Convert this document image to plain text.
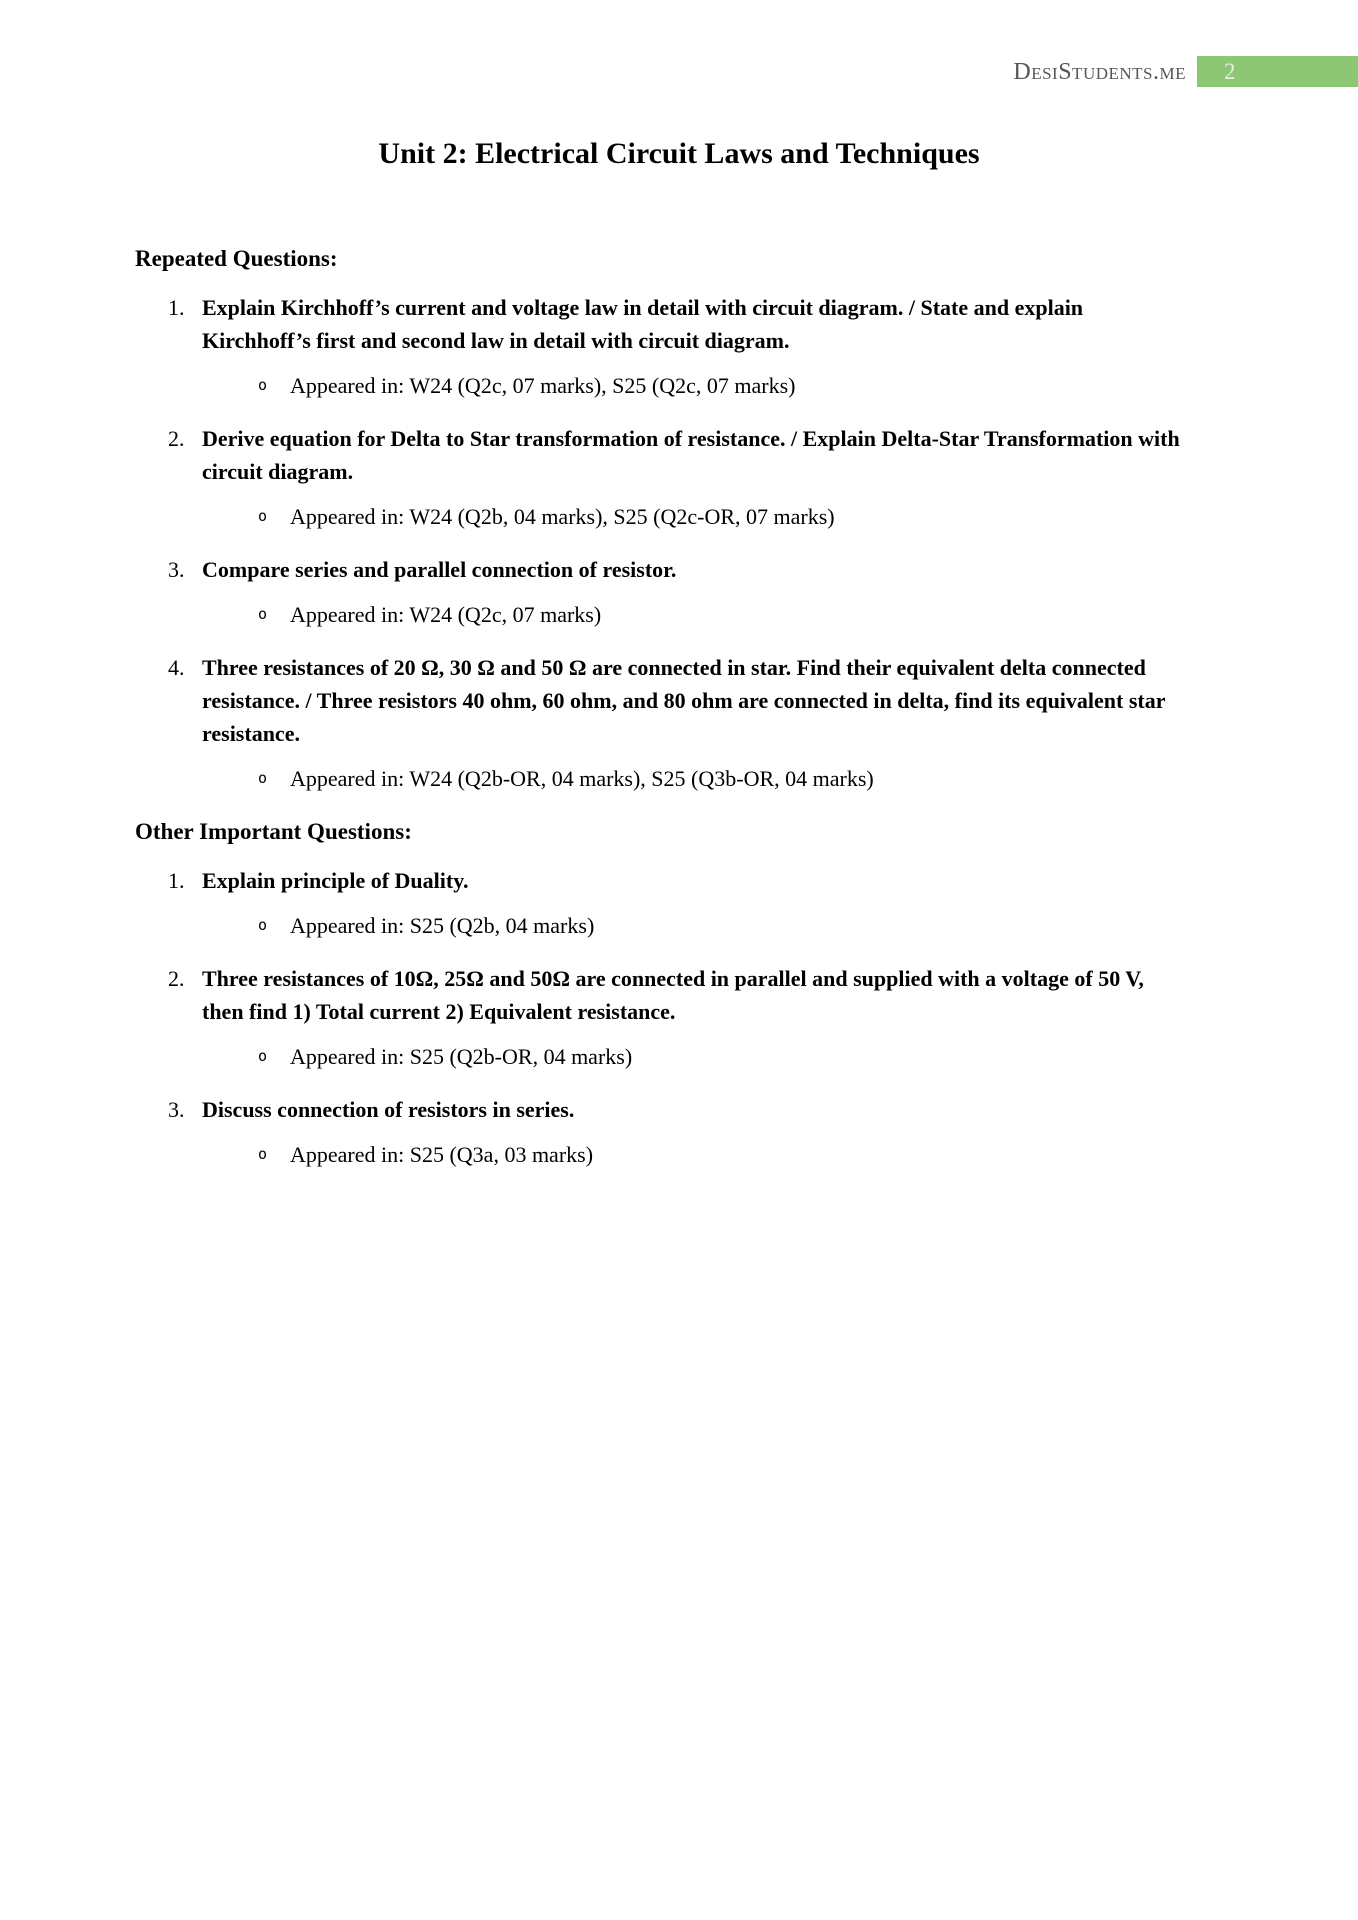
DesiStudents.me	2
Unit 2: Electrical Circuit Laws and Techniques
Repeated Questions:
1. Explain Kirchhoff’s current and voltage law in detail with circuit diagram. / State and explain Kirchhoff’s first and second law in detail with circuit diagram.
o	Appeared in: W24 (Q2c, 07 marks), S25 (Q2c, 07 marks)
2. Derive equation for Delta to Star transformation of resistance. / Explain Delta-Star Transformation with circuit diagram.
o	Appeared in: W24 (Q2b, 04 marks), S25 (Q2c-OR, 07 marks)
3. Compare series and parallel connection of resistor.
o	Appeared in: W24 (Q2c, 07 marks)
4. Three resistances of 20 Ω, 30 Ω and 50 Ω are connected in star. Find their equivalent delta connected resistance. / Three resistors 40 ohm, 60 ohm, and 80 ohm are connected in delta, find its equivalent star resistance.
o	Appeared in: W24 (Q2b-OR, 04 marks), S25 (Q3b-OR, 04 marks)
Other Important Questions:
1. Explain principle of Duality.
o	Appeared in: S25 (Q2b, 04 marks)
2. Three resistances of 10Ω, 25Ω and 50Ω are connected in parallel and supplied with a voltage of 50 V, then find 1) Total current 2) Equivalent resistance.
o	Appeared in: S25 (Q2b-OR, 04 marks)
3. Discuss connection of resistors in series.
o	Appeared in: S25 (Q3a, 03 marks)
